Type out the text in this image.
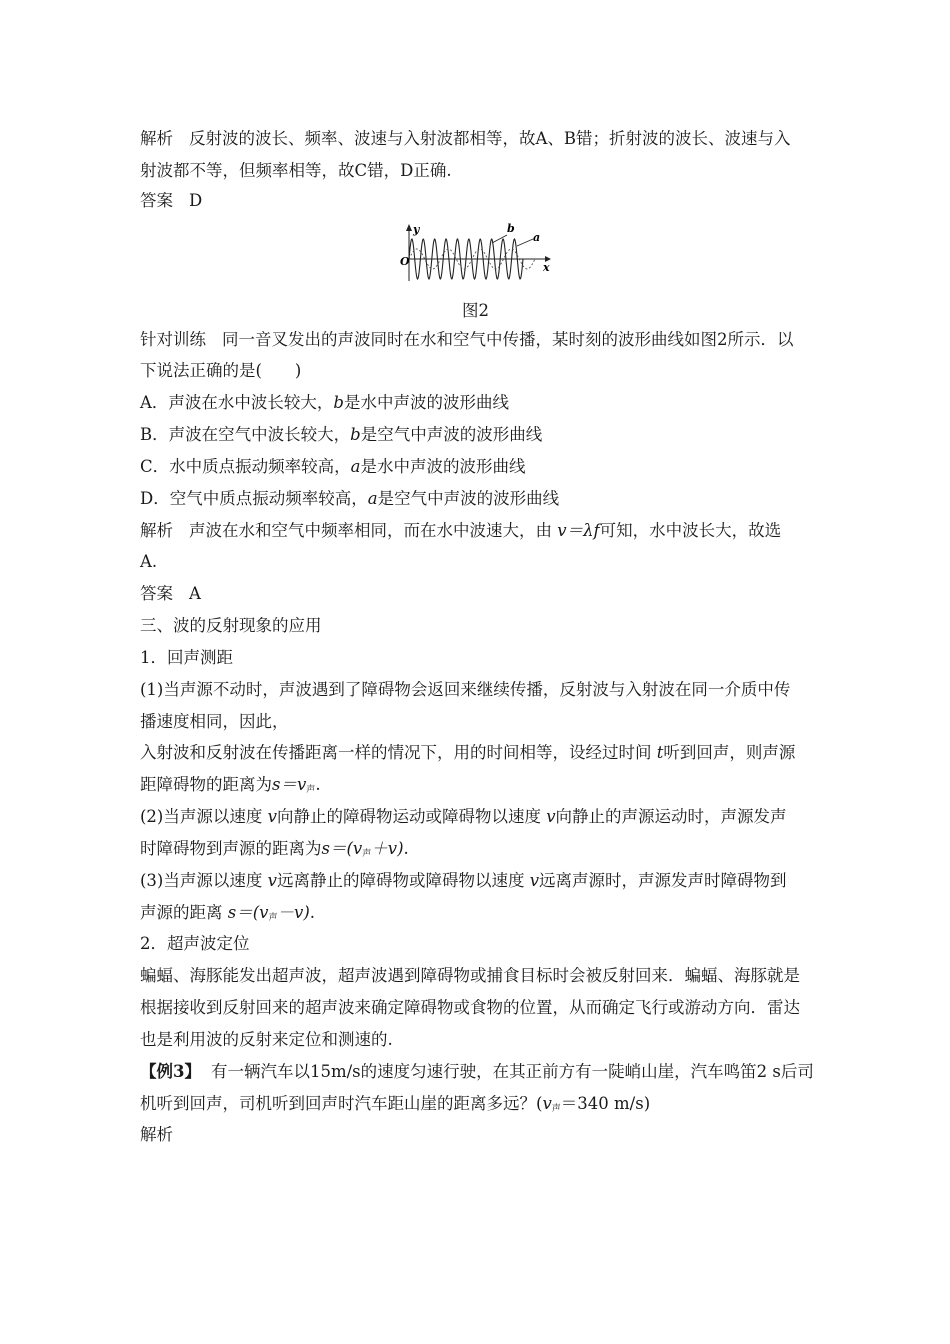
解析 反射波的波长、频率、波速与入射波都相等，故A、B错；折射波的波长、波速与入
射波都不等，但频率相等，故C错，D正确.
答案 D
O
y
x
b
a
图2
针对训练 同一音叉发出的声波同时在水和空气中传播，某时刻的波形曲线如图2所示．以
下说法正确的是(　　)
A．声波在水中波长较大，b是水中声波的波形曲线
B．声波在空气中波长较大，b是空气中声波的波形曲线
C．水中质点振动频率较高，a是水中声波的波形曲线
D．空气中质点振动频率较高，a是空气中声波的波形曲线
解析 声波在水和空气中频率相同，而在水中波速大，由 v＝λf可知，水中波长大，故选
A.
答案 A
三、波的反射现象的应用
1．回声测距
(1)当声源不动时，声波遇到了障碍物会返回来继续传播，反射波与入射波在同一介质中传
播速度相同，因此，
入射波和反射波在传播距离一样的情况下，用的时间相等，设经过时间 t听到回声，则声源
距障碍物的距离为$s=v_声$.
(2)当声源以速度 v向静止的障碍物运动或障碍物以速度 v向静止的声源运动时，声源发声
时障碍物到声源的距离为$s=(v_声+v)$.
(3)当声源以速度 v远离静止的障碍物或障碍物以速度 v远离声源时，声源发声时障碍物到
声源的距离 $s=(v_声-v)$.
2．超声波定位
蝙蝠、海豚能发出超声波，超声波遇到障碍物或捕食目标时会被反射回来．蝙蝠、海豚就是
根据接收到反射回来的超声波来确定障碍物或食物的位置，从而确定飞行或游动方向．雷达
也是利用波的反射来定位和测速的.
【例3】 有一辆汽车以15m/s的速度匀速行驶，在其正前方有一陡峭山崖，汽车鸣笛2 s后司
机听到回声，司机听到回声时汽车距山崖的距离多远？($v_声=340$ m/s)
解析
